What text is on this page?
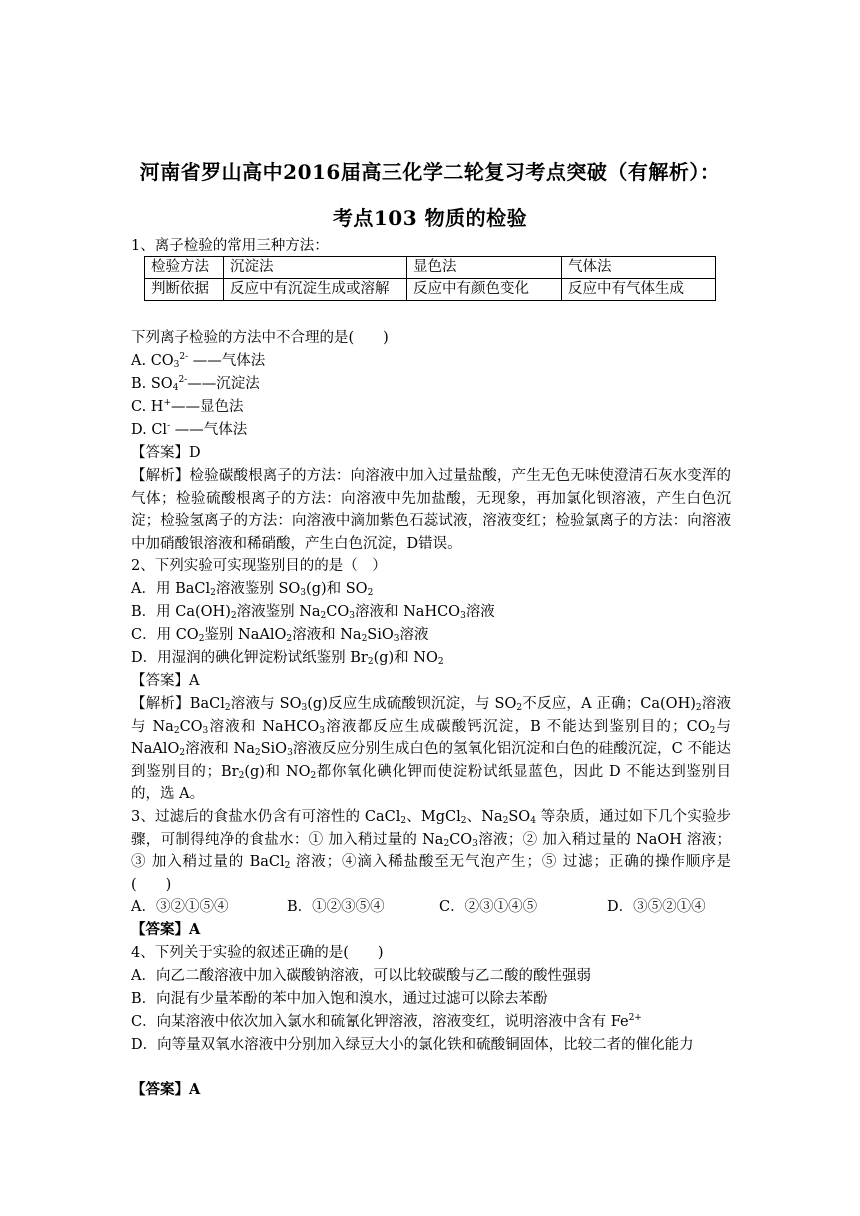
河南省罗山高中2016届高三化学二轮复习考点突破（有解析）：
考点103 物质的检验
1、离子检验的常用三种方法：
检验方法	沉淀法	显色法	气体法
判断依据	反应中有沉淀生成或溶解	反应中有颜色变化	反应中有气体生成
下列离子检验的方法中不合理的是(　　)
A. $CO_3^{2-}$ ——气体法
B. $SO_4^{2-}——$沉淀法
C. H+——显色法
D. Cl- ——气体法
【答案】D
【解析】检验碳酸根离子的方法：向溶液中加入过量盐酸，产生无色无味使澄清石灰水变浑的气体；检验硫酸根离子的方法：向溶液中先加盐酸，无现象，再加氯化钡溶液，产生白色沉淀；检验氢离子的方法：向溶液中滴加紫色石蕊试液，溶液变红；检验氯离子的方法：向溶液中加硝酸银溶液和稀硝酸，产生白色沉淀，D错误。
2、下列实验可实现鉴别目的的是（　）
A．用 BaCl$_2$溶液鉴别 $SO_3(g)$和 $SO_2$
B．用 $Ca(OH)_2$溶液鉴别 $Na_2CO_3$溶液和 NaHCO$_3$溶液
C．用 $CO_2$鉴别 NaAlO$_2$溶液和 $Na_2SiO_3$溶液
D．用湿润的碘化钾淀粉试纸鉴别 $Br_2(g)$和 $NO_2$
【答案】A
【解析】BaCl$_2$溶液与 $SO_3(g)$反应生成硫酸钡沉淀，与 $SO_2$不反应，A 正确；$Ca(OH)_2$溶液与 $Na_2CO_3$溶液和 NaHCO$_3$溶液都反应生成碳酸钙沉淀，B 不能达到鉴别目的；$CO_2$与 NaAlO$_2$溶液和 $Na_2SiO_3$溶液反应分别生成白色的氢氧化铝沉淀和白色的硅酸沉淀，C 不能达到鉴别目的；$Br_2(g)$和 $NO_2$都你氧化碘化钾而使淀粉试纸显蓝色，因此 D 不能达到鉴别目的，选 A。
3、过滤后的食盐水仍含有可溶性的 CaCl$_2$、MgCl$_2$、$Na_2SO_4$ 等杂质，通过如下几个实验步骤，可制得纯净的食盐水：① 加入稍过量的 $Na_2CO_3$溶液；② 加入稍过量的 NaOH 溶液；③ 加入稍过量的 BaCl$_2$ 溶液；④滴入稀盐酸至无气泡产生；⑤ 过滤；正确的操作顺序是(　　)
A．③②①⑤④	B．①②③⑤④	C．②③①④⑤	D．③⑤②①④
【答案】A
4、下列关于实验的叙述正确的是(　　)
A．向乙二酸溶液中加入碳酸钠溶液，可以比较碳酸与乙二酸的酸性强弱
B．向混有少量苯酚的苯中加入饱和溴水，通过过滤可以除去苯酚
C．向某溶液中依次加入氯水和硫氰化钾溶液，溶液变红，说明溶液中含有 $Fe^{2+}$
D．向等量双氧水溶液中分别加入绿豆大小的氯化铁和硫酸铜固体，比较二者的催化能力
【答案】A
